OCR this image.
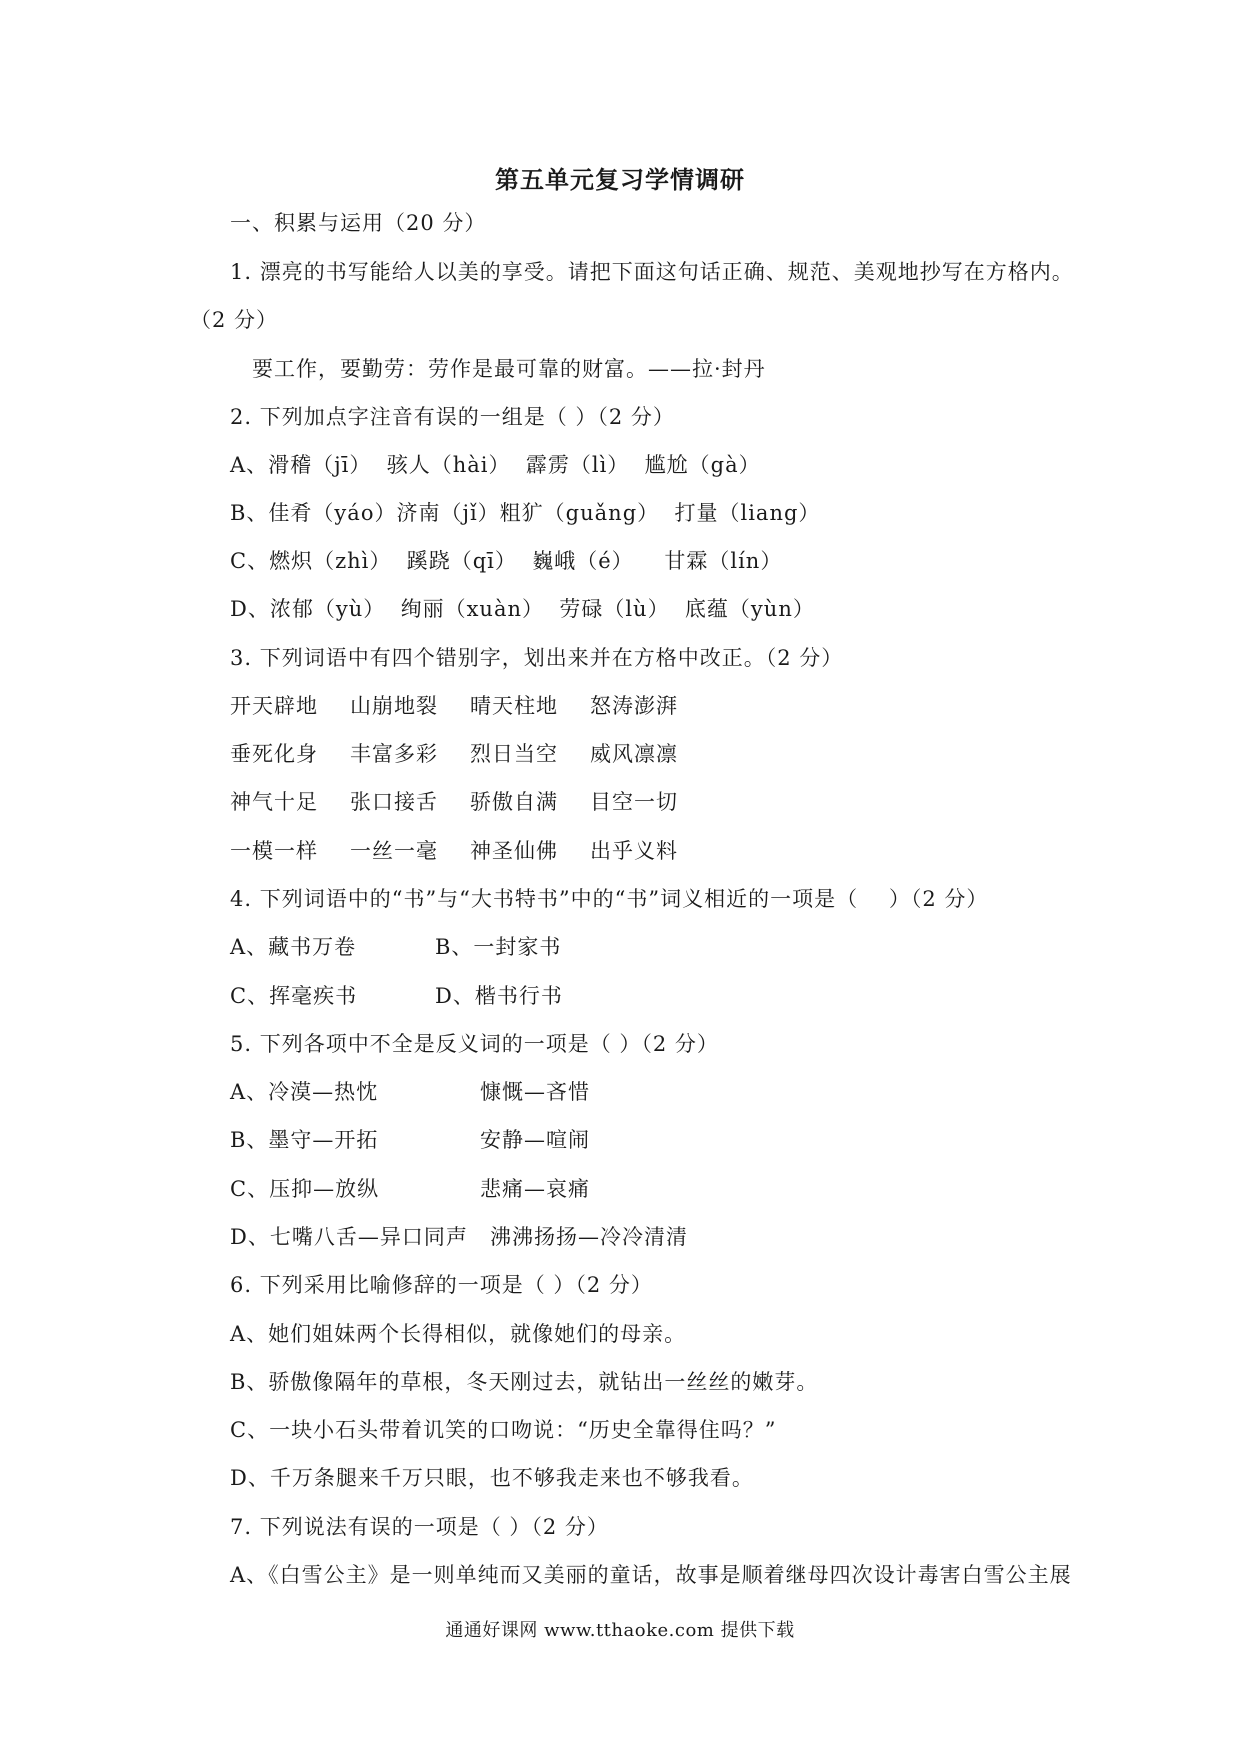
第五单元复习学情调研
一、积累与运用（20 分）
1. 漂亮的书写能给人以美的享受。请把下面这句话正确、规范、美观地抄写在方格内。
（2 分）
要工作，要勤劳：劳作是最可靠的财富。——拉·封丹
2. 下列加点字注音有误的一组是（ ）（2 分）
A、滑稽（jī）  骇人（hài）  霹雳（lì）  尴尬（gà）
B、佳肴（yáo）济南（jǐ）粗犷（guǎng）  打量（liang）
C、燃炽（zhì）  蹊跷（qī）  巍峨（é）    甘霖（lín）
D、浓郁（yù）  绚丽（xuàn）  劳碌（lù）  底蕴（yùn）
3. 下列词语中有四个错别字，划出来并在方格中改正。（2 分）
开天辟地 山崩地裂 晴天柱地 怒涛澎湃
垂死化身 丰富多彩 烈日当空 威风凛凛
神气十足 张口接舌 骄傲自满 目空一切
一模一样 一丝一毫 神圣仙佛 出乎义料
4. 下列词语中的“书”与“大书特书”中的“书”词义相近的一项是（    ）（2 分）
A、藏书万卷	B、一封家书
C、挥毫疾书	D、楷书行书
5. 下列各项中不全是反义词的一项是（ ）（2 分）
A、冷漠—热忱	慷慨—吝惜
B、墨守—开拓	安静—喧闹
C、压抑—放纵	悲痛—哀痛
D、七嘴八舌—异口同声 沸沸扬扬—冷冷清清
6. 下列采用比喻修辞的一项是（ ）（2 分）
A、她们姐妹两个长得相似，就像她们的母亲。
B、骄傲像隔年的草根，冬天刚过去，就钻出一丝丝的嫩芽。
C、一块小石头带着讥笑的口吻说：“历史全靠得住吗？”
D、千万条腿来千万只眼，也不够我走来也不够我看。
7. 下列说法有误的一项是（ ）（2 分）
A、《白雪公主》是一则单纯而又美丽的童话，故事是顺着继母四次设计毒害白雪公主展
通通好课网 www.tthaoke.com 提供下载
